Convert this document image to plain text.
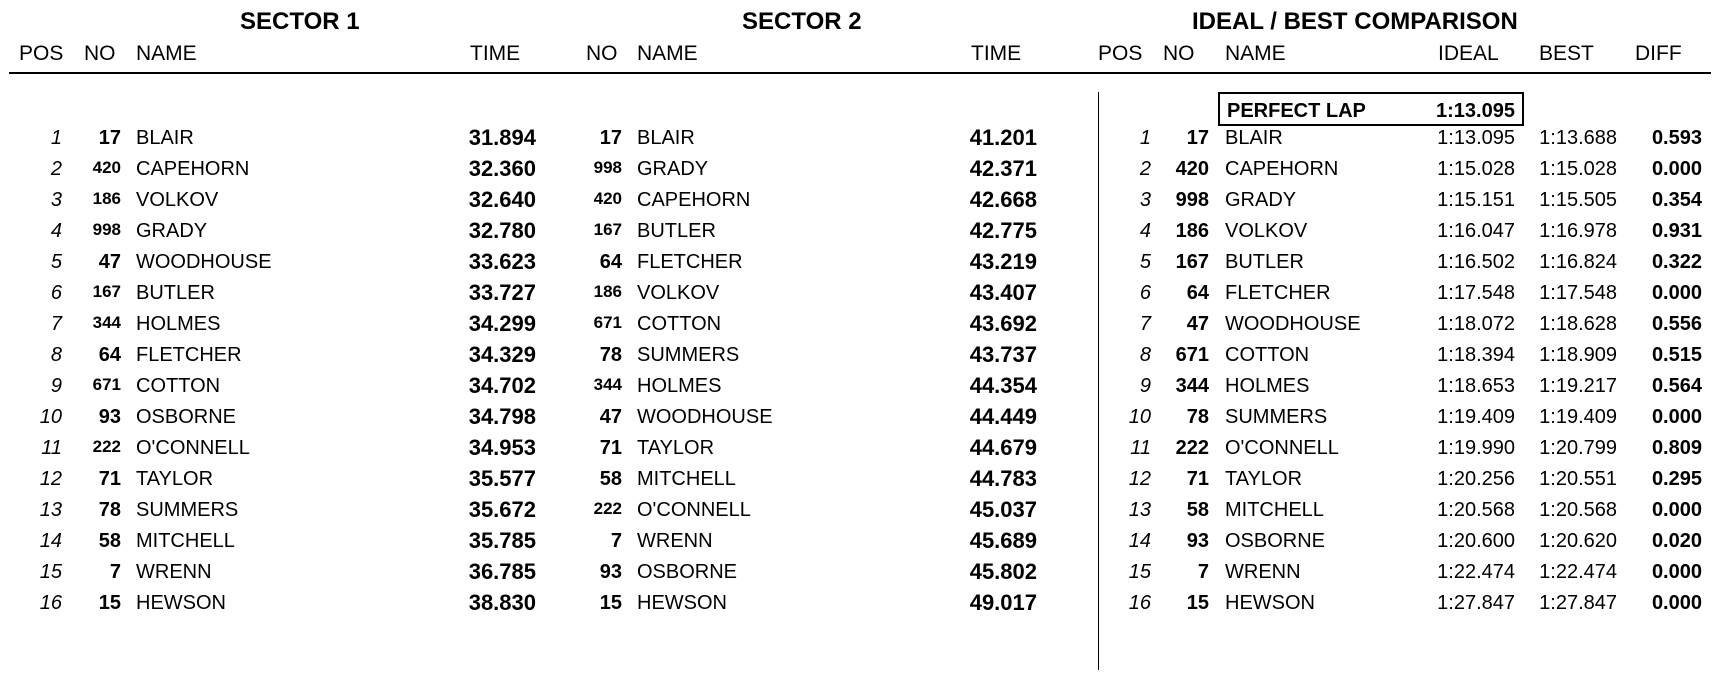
SECTOR 1	SECTOR 2	IDEAL / BEST COMPARISON
POS NO NAME	TIME	NO NAME	TIME	POS NO NAME	IDEAL BEST DIFF
PERFECT LAP	1:13.095
1	17 BLAIR	31.894	17 BLAIR	41.201	1	17 BLAIR	1:13.095	1:13.688	0.593
2	420 CAPEHORN	32.360	998 GRADY	42.371	2	420 CAPEHORN	1:15.028	1:15.028	0.000
3	186 VOLKOV	32.640	420 CAPEHORN	42.668	3	998 GRADY	1:15.151	1:15.505	0.354
4	998 GRADY	32.780	167 BUTLER	42.775	4	186 VOLKOV	1:16.047	1:16.978	0.931
5	47 WOODHOUSE	33.623	64 FLETCHER	43.219	5	167 BUTLER	1:16.502	1:16.824	0.322
6	167 BUTLER	33.727	186 VOLKOV	43.407	6	64 FLETCHER	1:17.548	1:17.548	0.000
7	344 HOLMES	34.299	671 COTTON	43.692	7	47 WOODHOUSE	1:18.072	1:18.628	0.556
8	64 FLETCHER	34.329	78 SUMMERS	43.737	8	671 COTTON	1:18.394	1:18.909	0.515
9	671 COTTON	34.702	344 HOLMES	44.354	9	344 HOLMES	1:18.653	1:19.217	0.564
10	93 OSBORNE	34.798	47 WOODHOUSE	44.449	10	78 SUMMERS	1:19.409	1:19.409	0.000
11	222 O'CONNELL	34.953	71 TAYLOR	44.679	11	222 O'CONNELL	1:19.990	1:20.799	0.809
12	71 TAYLOR	35.577	58 MITCHELL	44.783	12	71 TAYLOR	1:20.256	1:20.551	0.295
13	78 SUMMERS	35.672	222 O'CONNELL	45.037	13	58 MITCHELL	1:20.568	1:20.568	0.000
14	58 MITCHELL	35.785	7 WRENN	45.689	14	93 OSBORNE	1:20.600	1:20.620	0.020
15	7 WRENN	36.785	93 OSBORNE	45.802	15	7 WRENN	1:22.474	1:22.474	0.000
16	15 HEWSON	38.830	15 HEWSON	49.017	16	15 HEWSON	1:27.847	1:27.847	0.000
